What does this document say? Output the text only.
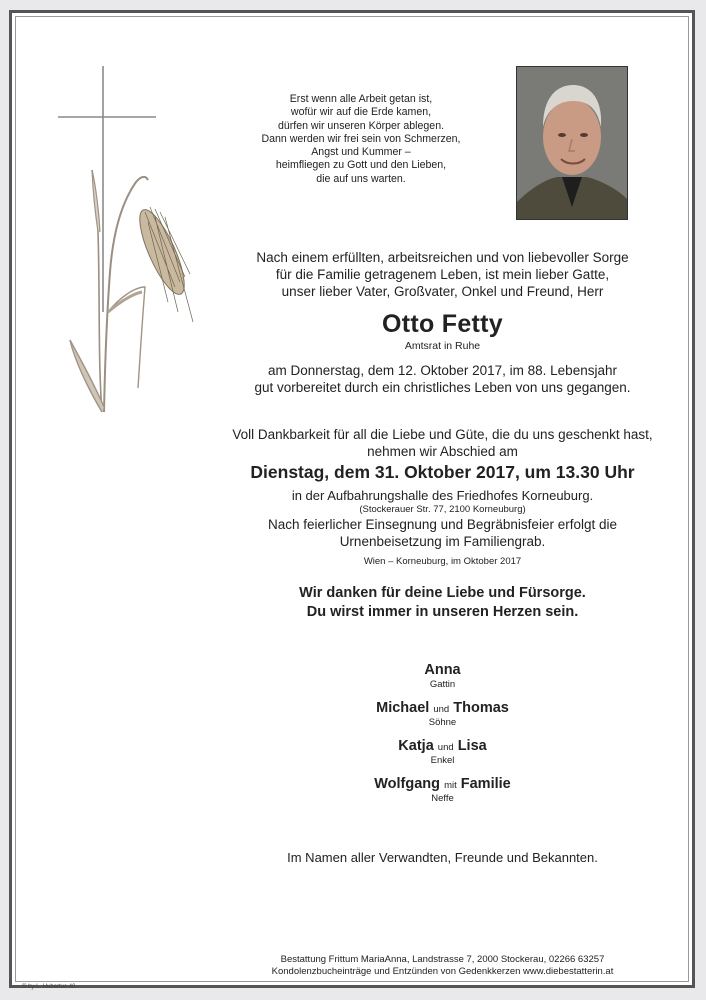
Erst wenn alle Arbeit getan ist,
wofür wir auf die Erde kamen,
dürfen wir unseren Körper ablegen.
Dann werden wir frei sein von Schmerzen,
Angst und Kummer –
heimfliegen zu Gott und den Lieben,
die auf uns warten.
Nach einem erfüllten, arbeitsreichen und von liebevoller Sorge
für die Familie getragenem Leben, ist mein lieber Gatte,
unser lieber Vater, Großvater, Onkel und Freund, Herr
Otto Fetty
Amtsrat in Ruhe
am Donnerstag, dem 12. Oktober 2017, im 88. Lebensjahr
gut vorbereitet durch ein christliches Leben von uns gegangen.
Voll Dankbarkeit für all die Liebe und Güte, die du uns geschenkt hast,
nehmen wir Abschied am
Dienstag, dem 31. Oktober 2017, um 13.30 Uhr
in der Aufbahrungshalle des Friedhofes Korneuburg.
(Stockerauer Str. 77, 2100 Korneuburg)
Nach feierlicher Einsegnung und Begräbnisfeier erfolgt die
Urnenbeisetzung im Familiengrab.
Wien – Korneuburg, im Oktober 2017
Wir danken für deine Liebe und Fürsorge.
Du wirst immer in unseren Herzen sein.
Anna
Gattin
Michael und Thomas
Söhne
Katja und Lisa
Enkel
Wolfgang mit Familie
Neffe
Im Namen aller Verwandten, Freunde und Bekannten.
Bestattung Frittum MariaAnna, Landstrasse 7, 2000 Stockerau, 02266 63257
Kondolenzbucheinträge und Entzünden von Gedenkkerzen www.diebestatterin.at
© by L. Hubertus 40
